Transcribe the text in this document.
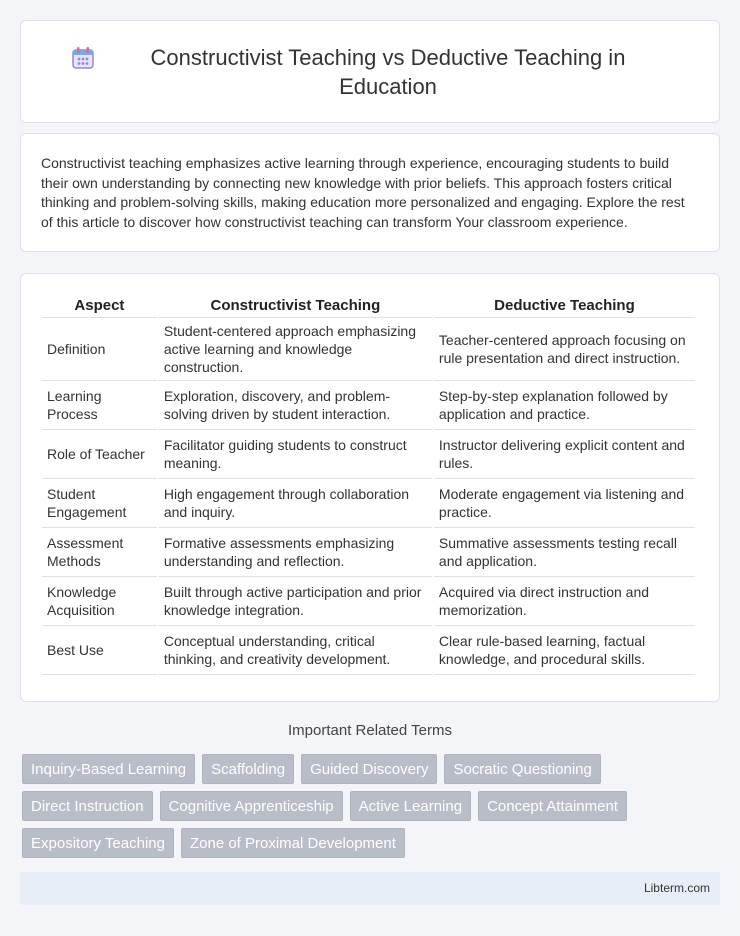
Constructivist Teaching vs Deductive Teaching in Education

Constructivist teaching emphasizes active learning through experience, encouraging students to build their own understanding by connecting new knowledge with prior beliefs. This approach fosters critical thinking and problem-solving skills, making education more personalized and engaging. Explore the rest of this article to discover how constructivist teaching can transform Your classroom experience.

Aspect	Constructivist Teaching	Deductive Teaching
Definition	Student-centered approach emphasizing active learning and knowledge construction.	Teacher-centered approach focusing on rule presentation and direct instruction.
Learning Process	Exploration, discovery, and problem-solving driven by student interaction.	Step-by-step explanation followed by application and practice.
Role of Teacher	Facilitator guiding students to construct meaning.	Instructor delivering explicit content and rules.
Student Engagement	High engagement through collaboration and inquiry.	Moderate engagement via listening and practice.
Assessment Methods	Formative assessments emphasizing understanding and reflection.	Summative assessments testing recall and application.
Knowledge Acquisition	Built through active participation and prior knowledge integration.	Acquired via direct instruction and memorization.
Best Use	Conceptual understanding, critical thinking, and creativity development.	Clear rule-based learning, factual knowledge, and procedural skills.
Important Related Terms
Inquiry-Based Learning	Scaffolding	Guided Discovery	Socratic Questioning
Direct Instruction	Cognitive Apprenticeship	Active Learning	Concept Attainment
Expository Teaching	Zone of Proximal Development
Libterm.com
